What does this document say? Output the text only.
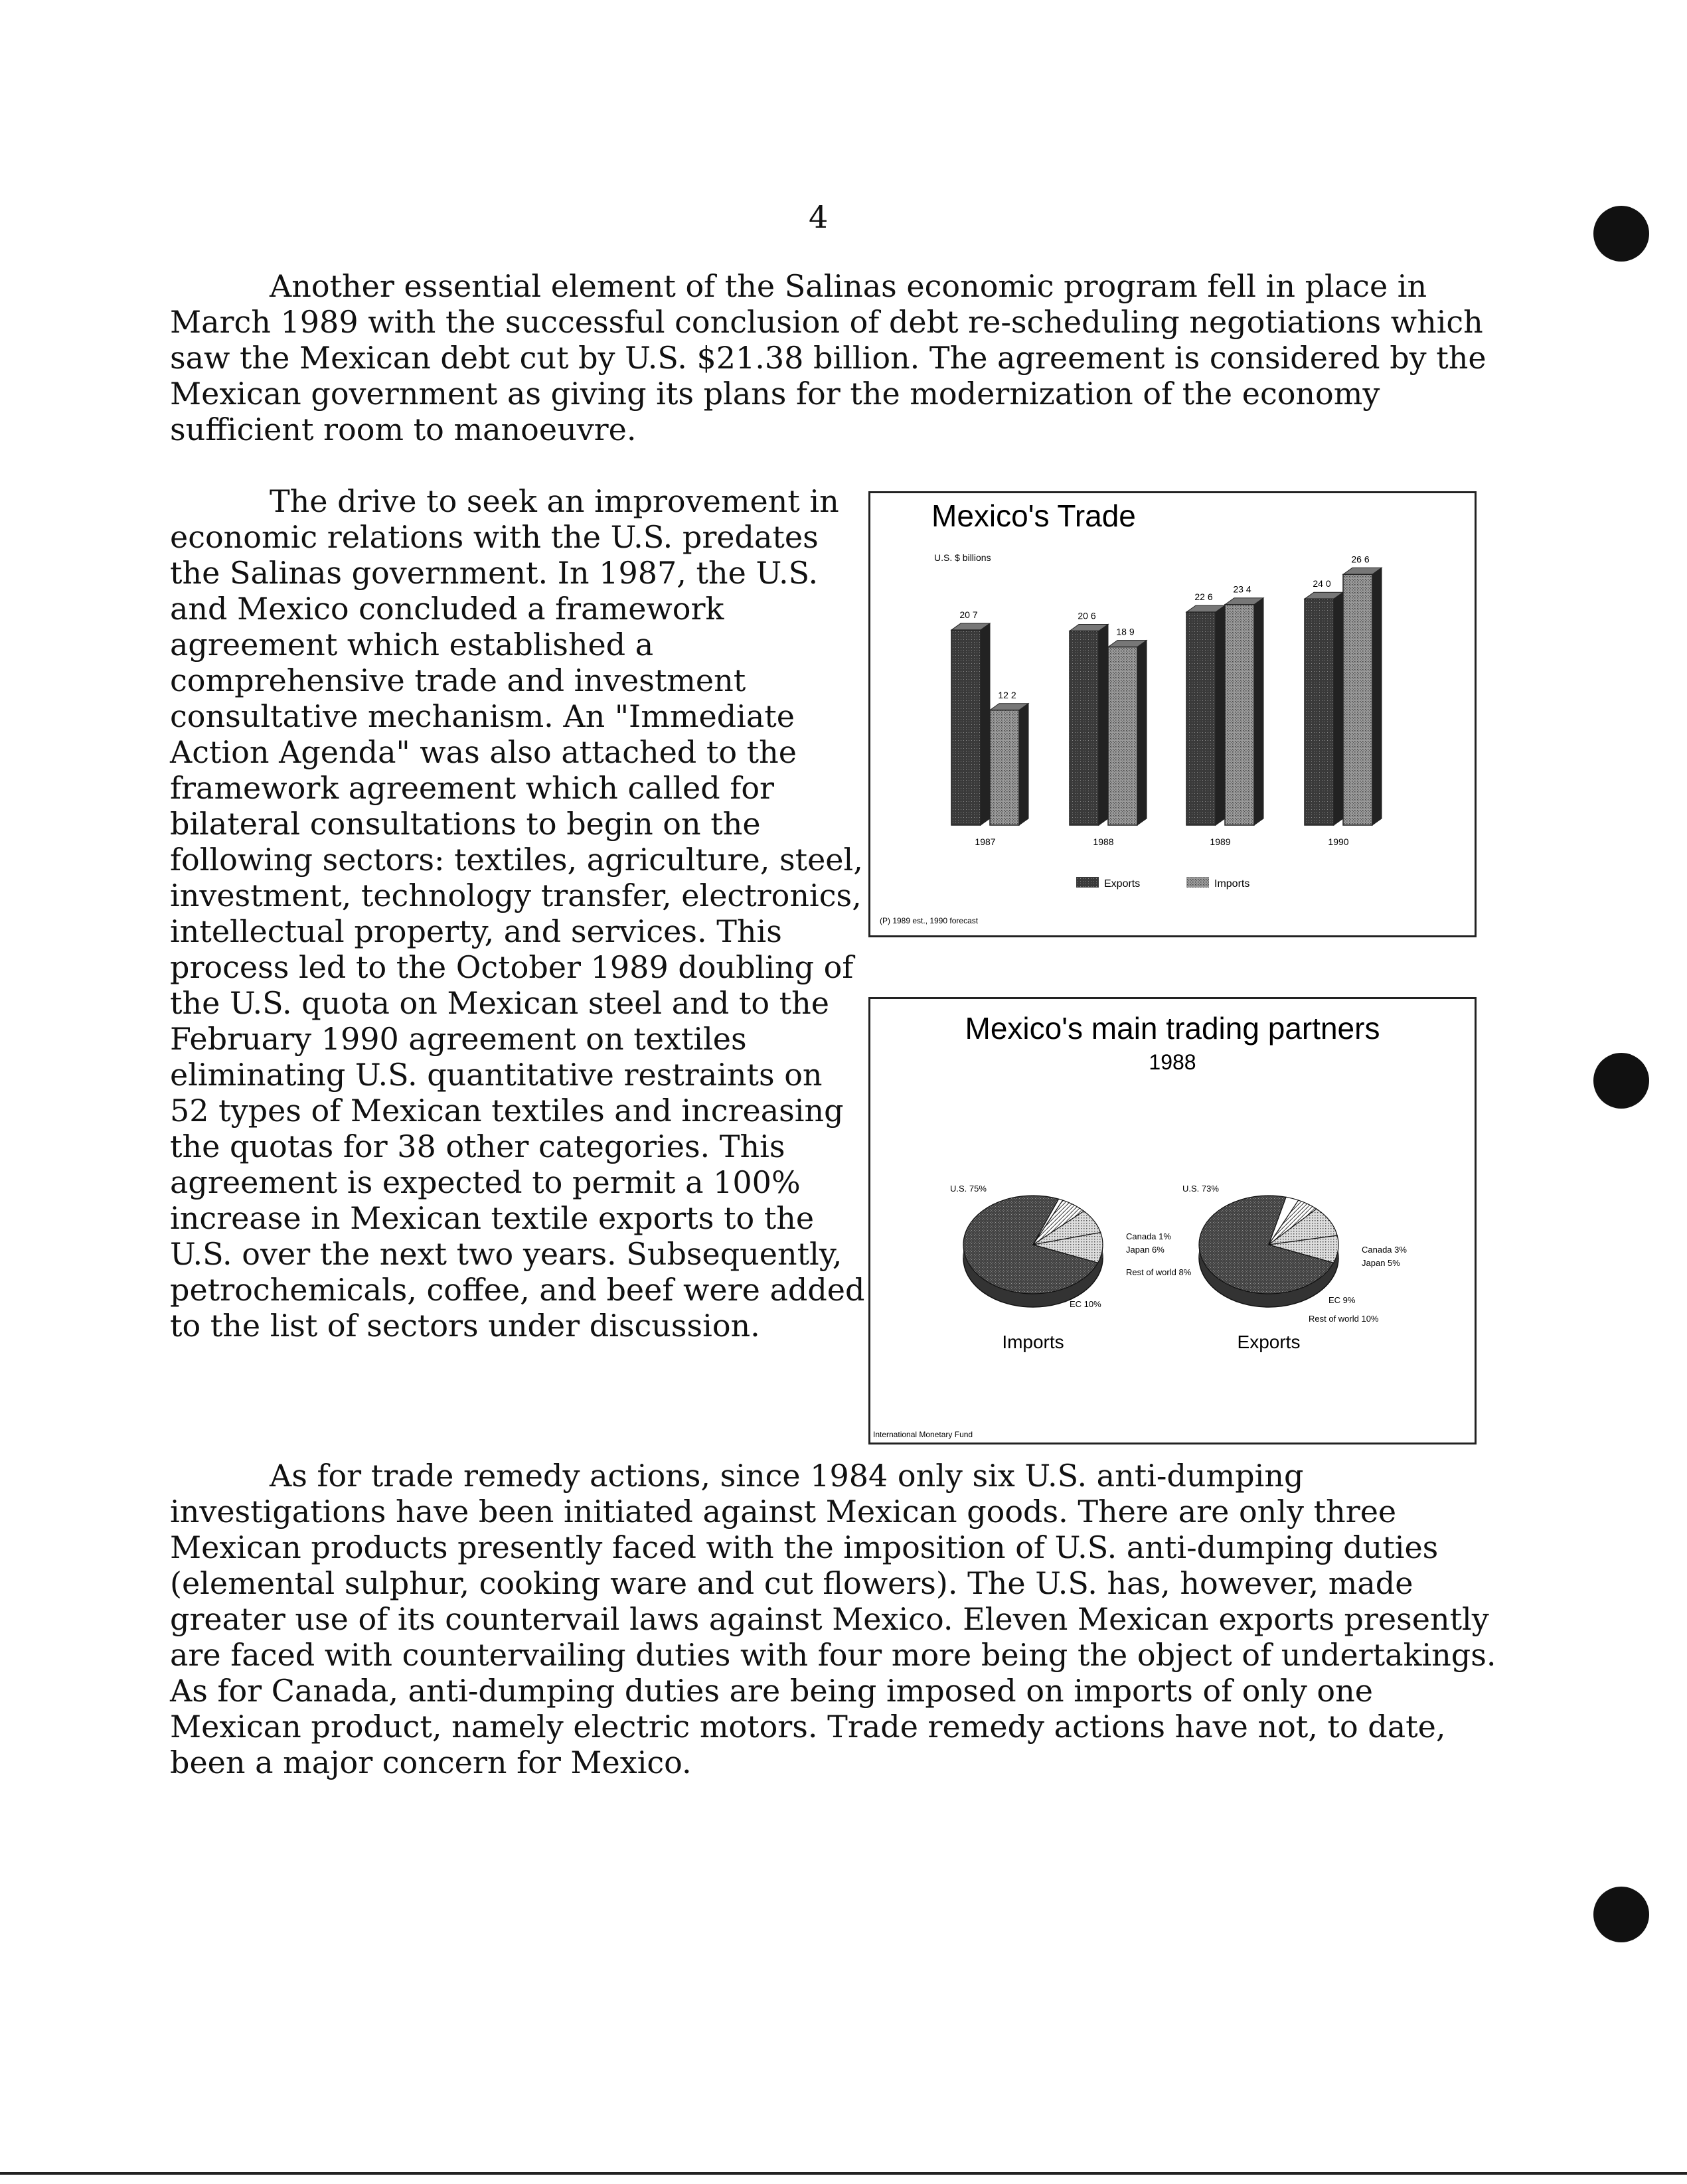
4

Another essential element of the Salinas economic program fell in place in March 1989 with the successful conclusion of debt re-scheduling negotiations which saw the Mexican debt cut by U.S. $21.38 billion. The agreement is considered by the Mexican government as giving its plans for the modernization of the economy sufficient room to manoeuvre.

The drive to seek an improvement in economic relations with the U.S. predates the Salinas government. In 1987, the U.S. and Mexico concluded a framework agreement which established a comprehensive trade and investment consultative mechanism. An "Immediate Action Agenda" was also attached to the framework agreement which called for bilateral consultations to begin on the following sectors: textiles, agriculture, steel, investment, technology transfer, electronics, intellectual property, and services. This process led to the October 1989 doubling of the U.S. quota on Mexican steel and to the February 1990 agreement on textiles eliminating U.S. quantitative restraints on 52 types of Mexican textiles and increasing the quotas for 38 other categories. This agreement is expected to permit a 100% increase in Mexican textile exports to the U.S. over the next two years. Subsequently, petrochemicals, coffee, and beef were added to the list of sectors under discussion.

As for trade remedy actions, since 1984 only six U.S. anti-dumping investigations have been initiated against Mexican goods. There are only three Mexican products presently faced with the imposition of U.S. anti-dumping duties (elemental sulphur, cooking ware and cut flowers). The U.S. has, however, made greater use of its countervail laws against Mexico. Eleven Mexican exports presently are faced with countervailing duties with four more being the object of undertakings. As for Canada, anti-dumping duties are being imposed on imports of only one Mexican product, namely electric motors. Trade remedy actions have not, to date, been a major concern for Mexico.

Mexico's Trade
U.S. $ billions
20 7
12 2
1987
20 6
18 9
1988
22 6
23 4
1989
24 0
26 6
1990
Exports	Imports
(P) 1989 est., 1990 forecast
Mexico's main trading partners
1988
U.S. 75%
Canada 1%
Japan 6%
Rest of world 8%
EC 10%
Imports
U.S. 73%
Canada 3%
Japan 5%
Rest of world 10%
EC 9%
Exports
International Monetary Fund
